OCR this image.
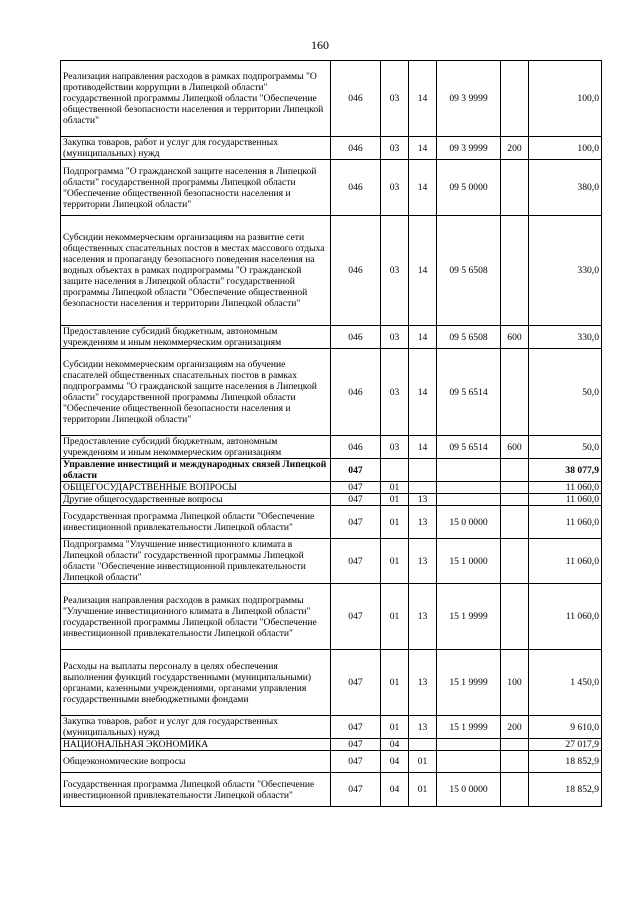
160
Реализация направления расходов в рамках подпрограммы "О противодействии коррупции в Липецкой области" государственной программы Липецкой области "Обеспечение общественной безопасности населения и территории Липецкой области"	046	03	14	09 3 9999		100,0
Закупка товаров, работ и услуг для государственных (муниципальных) нужд	046	03	14	09 3 9999	200	100,0
Подпрограмма "О гражданской защите населения в Липецкой области" государственной программы Липецкой области "Обеспечение общественной безопасности населения и территории Липецкой области"	046	03	14	09 5 0000		380,0
Субсидии некоммерческим организациям на развитие сети общественных спасательных постов в местах массового отдыха населения и пропаганду безопасного поведения населения на водных объектах в рамках подпрограммы "О гражданской защите населения в Липецкой области" государственной программы Липецкой области "Обеспечение общественной безопасности населения и территории Липецкой области"	046	03	14	09 5 6508		330,0
Предоставление субсидий бюджетным, автономным учреждениям и иным некоммерческим организациям	046	03	14	09 5 6508	600	330,0
Субсидии некоммерческим организациям на обучение спасателей общественных спасательных постов в рамках подпрограммы "О гражданской защите населения в Липецкой области" государственной программы Липецкой области "Обеспечение общественной безопасности населения и территории Липецкой области"	046	03	14	09 5 6514		50,0
Предоставление субсидий бюджетным, автономным учреждениям и иным некоммерческим организациям	046	03	14	09 5 6514	600	50,0
Управление инвестиций и международных связей Липецкой области	047					38 077,9
ОБЩЕГОСУДАРСТВЕННЫЕ ВОПРОСЫ	047	01				11 060,0
Другие общегосударственные вопросы	047	01	13			11 060,0
Государственная программа Липецкой области "Обеспечение инвестиционной привлекательности Липецкой области"	047	01	13	15 0 0000		11 060,0
Подпрограмма "Улучшение инвестиционного климата в Липецкой области" государственной программы Липецкой области "Обеспечение инвестиционной привлекательности Липецкой области"	047	01	13	15 1 0000		11 060,0
Реализация направления расходов в рамках подпрограммы "Улучшение инвестиционного климата в Липецкой области" государственной программы Липецкой области "Обеспечение инвестиционной привлекательности Липецкой области"	047	01	13	15 1 9999		11 060,0
Расходы на выплаты персоналу в целях обеспечения выполнения функций государственными (муниципальными) органами, казенными учреждениями, органами управления государственными внебюджетными фондами	047	01	13	15 1 9999	100	1 450,0
Закупка товаров, работ и услуг для государственных (муниципальных) нужд	047	01	13	15 1 9999	200	9 610,0
НАЦИОНАЛЬНАЯ ЭКОНОМИКА	047	04				27 017,9
Общеэкономические вопросы	047	04	01			18 852,9
Государственная программа Липецкой области "Обеспечение инвестиционной привлекательности Липецкой области"	047	04	01	15 0 0000		18 852,9
